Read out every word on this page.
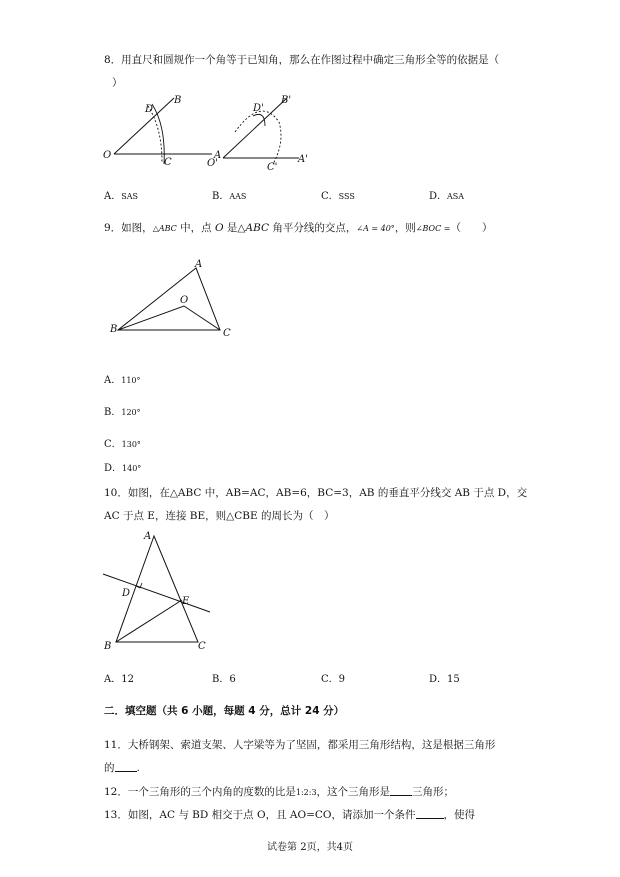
8．用直尺和圆规作一个角等于已知角，那么在作图过程中确定三角形全等的依据是（
）
O
D
B
C
A
O'
D'
B'
C'
A'
A．SAS	B．AAS	C．SSS	D．ASA
9．如图，△ABC 中，点 O 是△ABC 角平分线的交点，∠A = 40°，则∠BOC =（　　）
A
B	C
O
A．110°
B．120°
C．130°
D．140°
10．如图，在△ABC 中，AB=AC，AB=6，BC=3，AB 的垂直平分线交 AB 于点 D，交
AC 于点 E，连接 BE，则△CBE 的周长为（　）
A
B	C
D
E
A．12	B．6	C．9	D．15
二．填空题（共 6 小题，每题 4 分，总计 24 分）
11．大桥钢架、索道支架、人字梁等为了坚固，都采用三角形结构，这是根据三角形
的 .
12．一个三角形的三个内角的度数的比是1:2:3，这个三角形是 三角形；
13．如图，AC 与 BD 相交于点 O，且 AO=CO，请添加一个条件	，使得
试卷第 2页，共4页
